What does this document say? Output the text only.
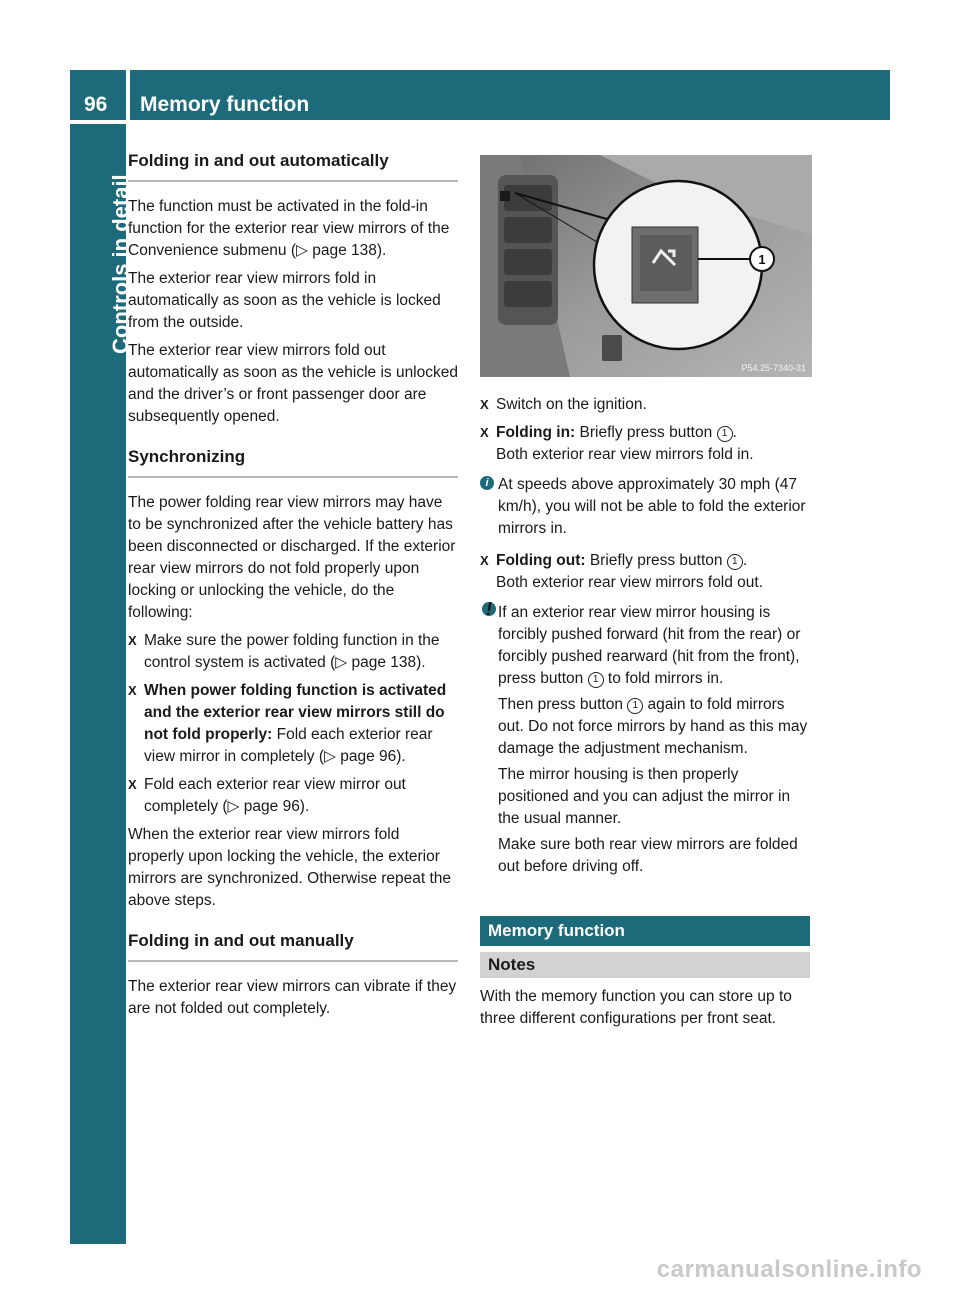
96	Memory function
Controls in detail
Folding in and out automatically

The function must be activated in the fold-in function for the exterior rear view mirrors of the Convenience submenu (▷ page 138).

The exterior rear view mirrors fold in automatically as soon as the vehicle is locked from the outside.

The exterior rear view mirrors fold out automatically as soon as the vehicle is unlocked and the driver’s or front passenger door are subsequently opened.

Synchronizing

The power folding rear view mirrors may have to be synchronized after the vehicle battery has been disconnected or discharged. If the exterior rear view mirrors do not fold properly upon locking or unlocking the vehicle, do the following:

X Make sure the power folding function in the control system is activated (▷ page 138).
X When power folding function is activated and the exterior rear view mirrors still do not fold properly: Fold each exterior rear view mirror in completely (▷ page 96).
X Fold each exterior rear view mirror out completely (▷ page 96).

When the exterior rear view mirrors fold properly upon locking the vehicle, the exterior mirrors are synchronized. Otherwise repeat the above steps.

Folding in and out manually

The exterior rear view mirrors can vibrate if they are not folded out completely.

1
P54.25-7340-31
X Switch on the ignition.
X Folding in: Briefly press button 1 .
Both exterior rear view mirrors fold in.
i At speeds above approximately 30 mph (47 km/h), you will not be able to fold the exterior mirrors in.
X Folding out: Briefly press button 1 .
Both exterior rear view mirrors fold out.
! If an exterior rear view mirror housing is forcibly pushed forward (hit from the rear) or forcibly pushed rearward (hit from the front), press button 1 to fold mirrors in.

Then press button 1 again to fold mirrors out. Do not force mirrors by hand as this may damage the adjustment mechanism.

The mirror housing is then properly positioned and you can adjust the mirror in the usual manner.

Make sure both rear view mirrors are folded out before driving off.

Memory function
Notes
With the memory function you can store up to three different configurations per front seat.
carmanualsonline.info
